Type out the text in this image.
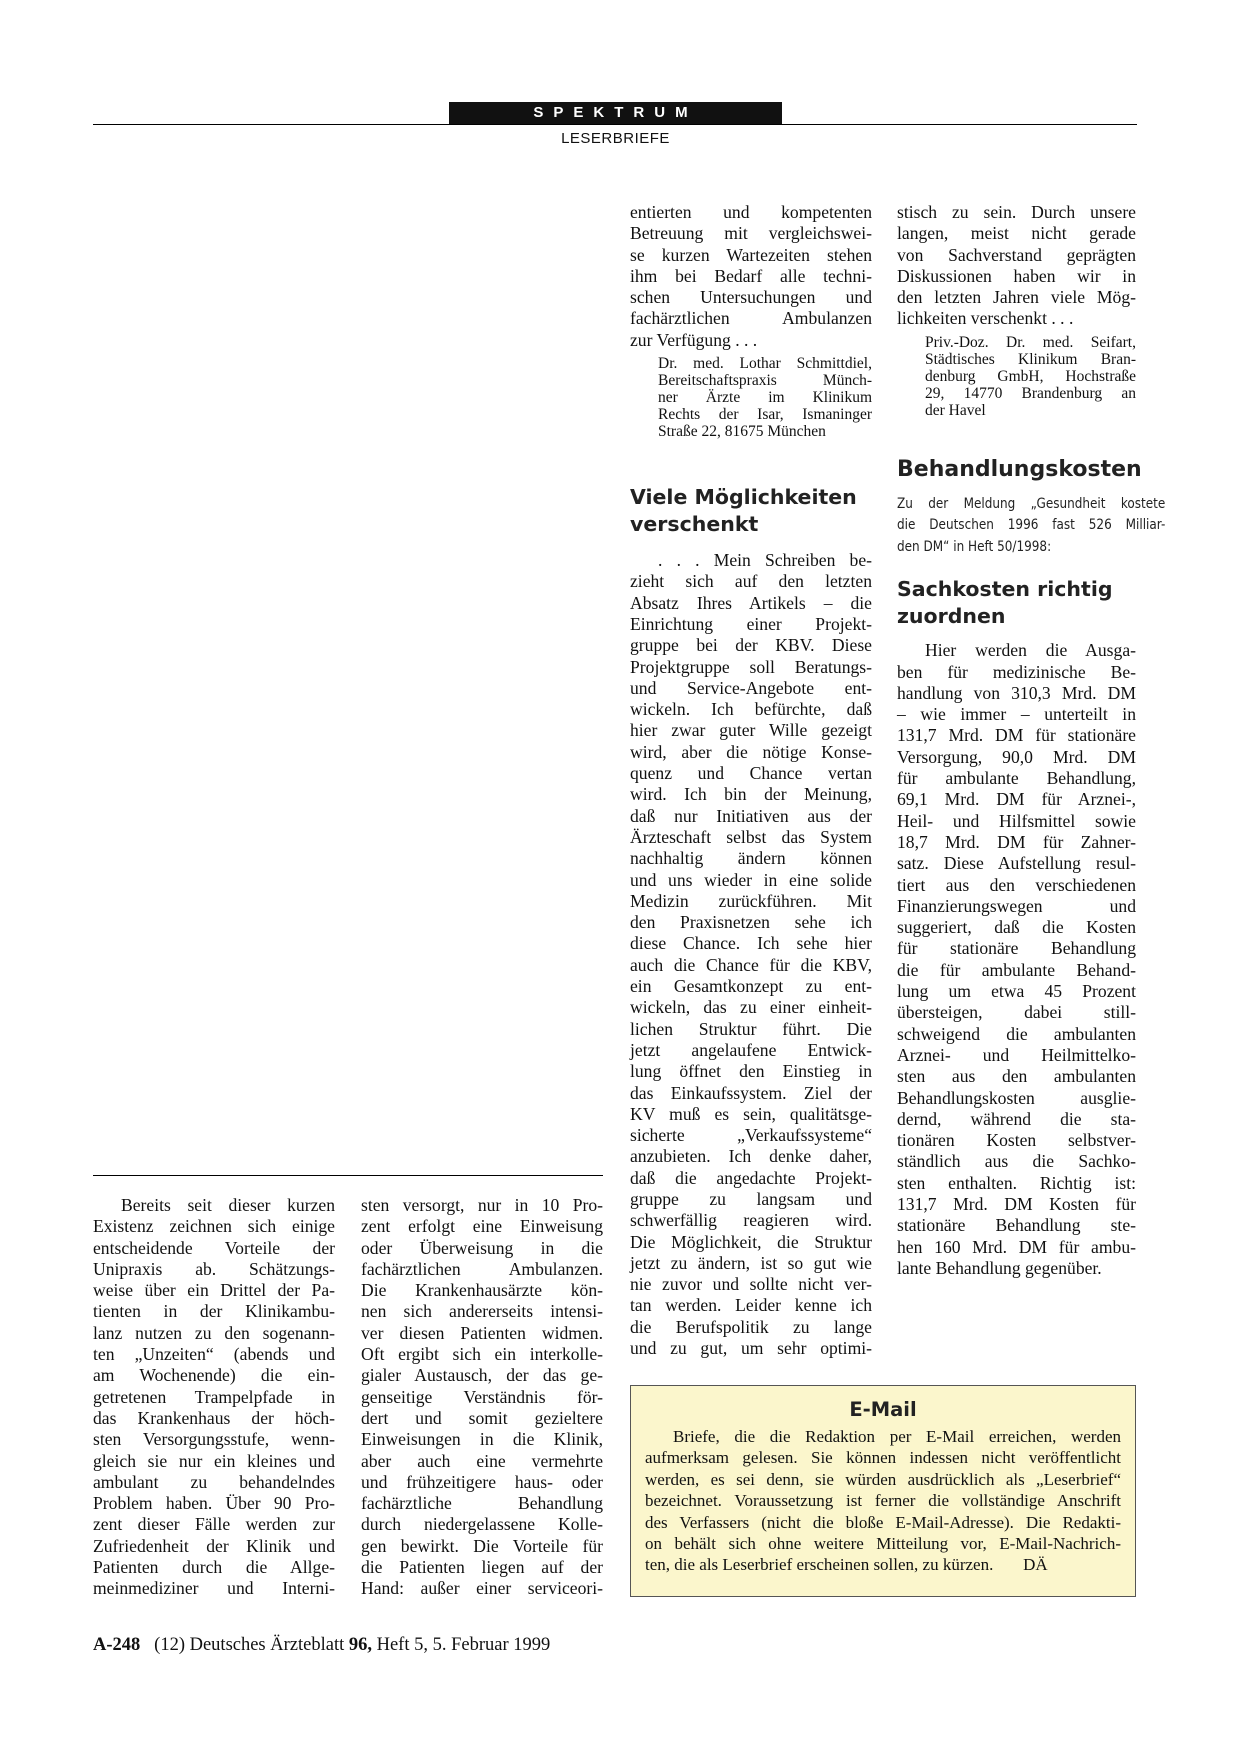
SPEKTRUM
LESERBRIEFE

Bereits seit dieser kurzen

Existenz zeichnen sich einige

entscheidende Vorteile der

Unipraxis ab. Schätzungs-

weise über ein Drittel der Pa-

tienten in der Klinikambu-

lanz nutzen zu den sogenann-

ten „Unzeiten“ (abends und

am Wochenende) die ein-

getretenen Trampelpfade in

das Krankenhaus der höch-

sten Versorgungsstufe, wenn-

gleich sie nur ein kleines und

ambulant zu behandelndes

Problem haben. Über 90 Pro-

zent dieser Fälle werden zur

Zufriedenheit der Klinik und

Patienten durch die Allge-

meinmediziner und Interni-

sten versorgt, nur in 10 Pro-

zent erfolgt eine Einweisung

oder Überweisung in die

fachärztlichen Ambulanzen.

Die Krankenhausärzte kön-

nen sich andererseits intensi-

ver diesen Patienten widmen.

Oft ergibt sich ein interkolle-

gialer Austausch, der das ge-

genseitige Verständnis för-

dert und somit gezieltere

Einweisungen in die Klinik,

aber auch eine vermehrte

und frühzeitigere haus- oder

fachärztliche Behandlung

durch niedergelassene Kolle-

gen bewirkt. Die Vorteile für

die Patienten liegen auf der

Hand: außer einer serviceori-

entierten und kompetenten

Betreuung mit vergleichswei-

se kurzen Wartezeiten stehen

ihm bei Bedarf alle techni-

schen Untersuchungen und

fachärztlichen Ambulanzen

zur Verfügung . . .

Dr. med. Lothar Schmittdiel,

Bereitschaftspraxis Münch-

ner Ärzte im Klinikum

Rechts der Isar, Ismaninger

Straße 22, 81675 München

Viele Möglichkeiten
verschenkt

. . . Mein Schreiben be-

zieht sich auf den letzten

Absatz Ihres Artikels – die

Einrichtung einer Projekt-

gruppe bei der KBV. Diese

Projektgruppe soll Beratungs-

und Service-Angebote ent-

wickeln. Ich befürchte, daß

hier zwar guter Wille gezeigt

wird, aber die nötige Konse-

quenz und Chance vertan

wird. Ich bin der Meinung,

daß nur Initiativen aus der

Ärzteschaft selbst das System

nachhaltig ändern können

und uns wieder in eine solide

Medizin zurückführen. Mit

den Praxisnetzen sehe ich

diese Chance. Ich sehe hier

auch die Chance für die KBV,

ein Gesamtkonzept zu ent-

wickeln, das zu einer einheit-

lichen Struktur führt. Die

jetzt angelaufene Entwick-

lung öffnet den Einstieg in

das Einkaufssystem. Ziel der

KV muß es sein, qualitätsge-

sicherte „Verkaufssysteme“

anzubieten. Ich denke daher,

daß die angedachte Projekt-

gruppe zu langsam und

schwerfällig reagieren wird.

Die Möglichkeit, die Struktur

jetzt zu ändern, ist so gut wie

nie zuvor und sollte nicht ver-

tan werden. Leider kenne ich

die Berufspolitik zu lange

und zu gut, um sehr optimi-

stisch zu sein. Durch unsere

langen, meist nicht gerade

von Sachverstand geprägten

Diskussionen haben wir in

den letzten Jahren viele Mög-

lichkeiten verschenkt . . .

Priv.-Doz. Dr. med. Seifart,

Städtisches Klinikum Bran-

denburg GmbH, Hochstraße

29, 14770 Brandenburg an

der Havel

Behandlungskosten

Zu der Meldung „Gesundheit kostete

die Deutschen 1996 fast 526 Milliar-

den DM“ in Heft 50/1998:

Sachkosten richtig
zuordnen

Hier werden die Ausga-

ben für medizinische Be-

handlung von 310,3 Mrd. DM

– wie immer – unterteilt in

131,7 Mrd. DM für stationäre

Versorgung, 90,0 Mrd. DM

für ambulante Behandlung,

69,1 Mrd. DM für Arznei-,

Heil- und Hilfsmittel sowie

18,7 Mrd. DM für Zahner-

satz. Diese Aufstellung resul-

tiert aus den verschiedenen

Finanzierungswegen und

suggeriert, daß die Kosten

für stationäre Behandlung

die für ambulante Behand-

lung um etwa 45 Prozent

übersteigen, dabei still-

schweigend die ambulanten

Arznei- und Heilmittelko-

sten aus den ambulanten

Behandlungskosten ausglie-

dernd, während die sta-

tionären Kosten selbstver-

ständlich aus die Sachko-

sten enthalten. Richtig ist:

131,7 Mrd. DM Kosten für

stationäre Behandlung ste-

hen 160 Mrd. DM für ambu-

lante Behandlung gegenüber.

E-Mail

Briefe, die die Redaktion per E-Mail erreichen, werden

aufmerksam gelesen. Sie können indessen nicht veröffentlicht

werden, es sei denn, sie würden ausdrücklich als „Leserbrief“

bezeichnet. Voraussetzung ist ferner die vollständige Anschrift

des Verfassers (nicht die bloße E-Mail-Adresse). Die Redakti-

on behält sich ohne weitere Mitteilung vor, E-Mail-Nachrich-

ten, die als Leserbrief erscheinen sollen, zu kürzen.       DÄ

A-248 (12) Deutsches Ärzteblatt 96, Heft 5, 5. Februar 1999
